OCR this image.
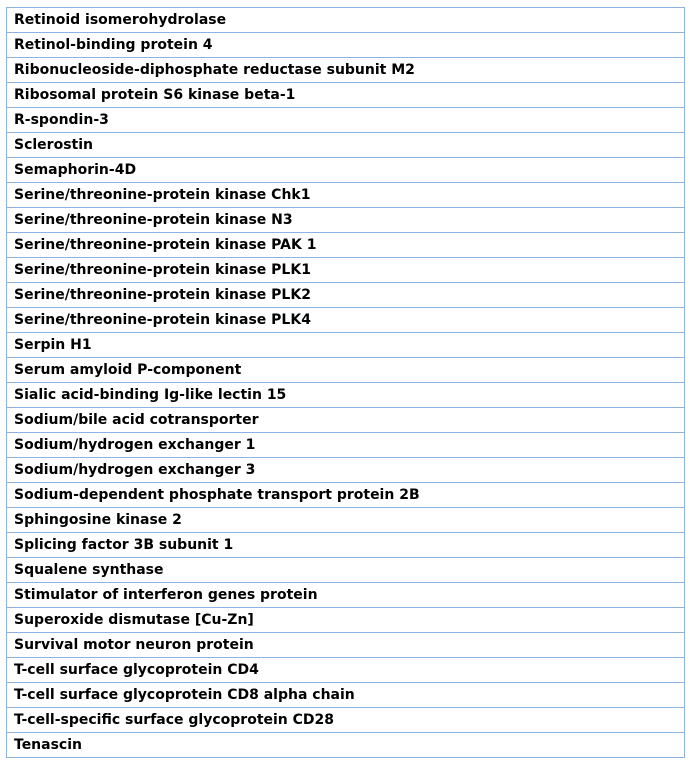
Retinoid isomerohydrolase
Retinol-binding protein 4
Ribonucleoside-diphosphate reductase subunit M2
Ribosomal protein S6 kinase beta-1
R-spondin-3
Sclerostin
Semaphorin-4D
Serine/threonine-protein kinase Chk1
Serine/threonine-protein kinase N3
Serine/threonine-protein kinase PAK 1
Serine/threonine-protein kinase PLK1
Serine/threonine-protein kinase PLK2
Serine/threonine-protein kinase PLK4
Serpin H1
Serum amyloid P-component
Sialic acid-binding Ig-like lectin 15
Sodium/bile acid cotransporter
Sodium/hydrogen exchanger 1
Sodium/hydrogen exchanger 3
Sodium-dependent phosphate transport protein 2B
Sphingosine kinase 2
Splicing factor 3B subunit 1
Squalene synthase
Stimulator of interferon genes protein
Superoxide dismutase [Cu-Zn]
Survival motor neuron protein
T-cell surface glycoprotein CD4
T-cell surface glycoprotein CD8 alpha chain
T-cell-specific surface glycoprotein CD28
Tenascin
